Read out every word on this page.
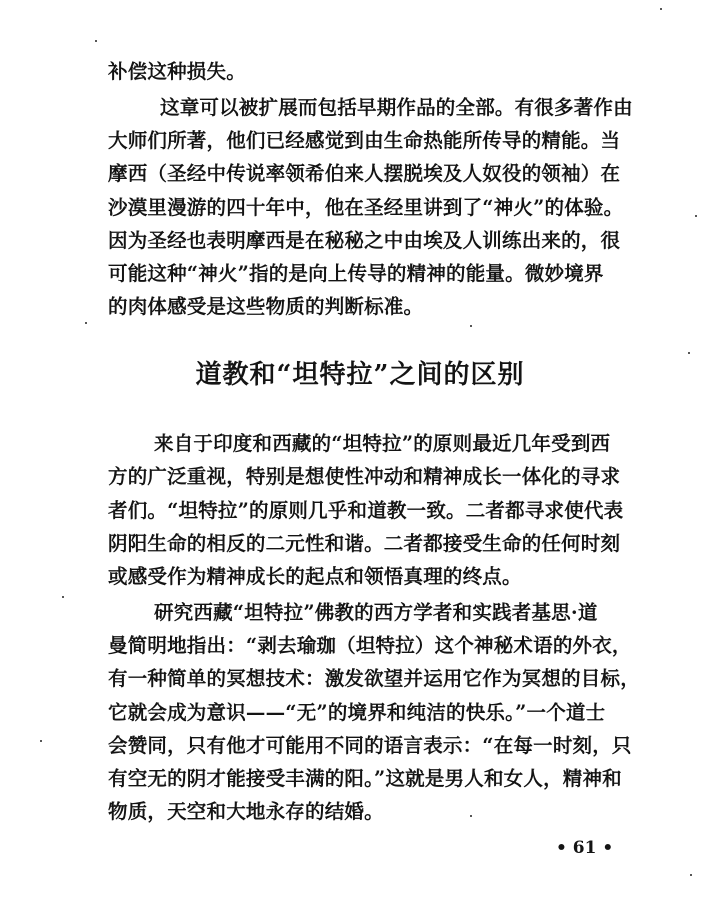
补偿这种损失。
这章可以被扩展而包括早期作品的全部。有很多著作由
大师们所著，他们已经感觉到由生命热能所传导的精能。当
摩西（圣经中传说率领希伯来人摆脱埃及人奴役的领袖）在
沙漠里漫游的四十年中，他在圣经里讲到了“神火”的体验。
因为圣经也表明摩西是在秘秘之中由埃及人训练出来的，很
可能这种“神火”指的是向上传导的精神的能量。微妙境界
的肉体感受是这些物质的判断标准。
道教和“坦特拉”之间的区别
来自于印度和西藏的“坦特拉”的原则最近几年受到西
方的广泛重视，特别是想使性冲动和精神成长一体化的寻求
者们。“坦特拉”的原则几乎和道教一致。二者都寻求使代表
阴阳生命的相反的二元性和谐。二者都接受生命的任何时刻
或感受作为精神成长的起点和领悟真理的终点。
研究西藏“坦特拉”佛教的西方学者和实践者基思·道
曼简明地指出：“剥去瑜珈（坦特拉）这个神秘术语的外衣，
有一种简单的冥想技术：激发欲望并运用它作为冥想的目标，
它就会成为意识——“无”的境界和纯洁的快乐。”一个道士
会赞同，只有他才可能用不同的语言表示：“在每一时刻，只
有空无的阴才能接受丰满的阳。”这就是男人和女人，精神和
物质，天空和大地永存的结婚。
• 61 •
